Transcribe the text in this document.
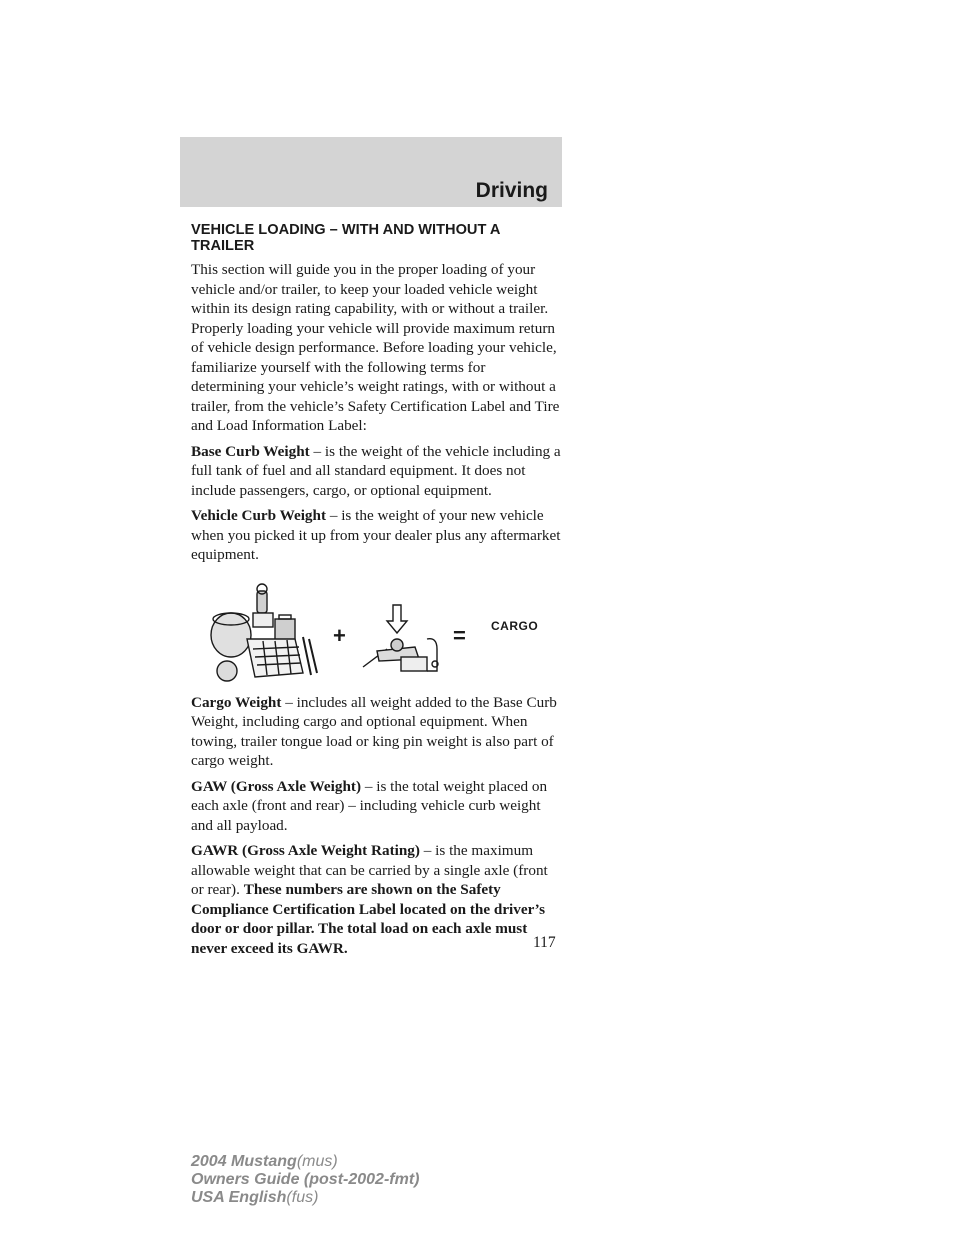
Driving
VEHICLE LOADING – WITH AND WITHOUT A TRAILER

This section will guide you in the proper loading of your vehicle and/or trailer, to keep your loaded vehicle weight within its design rating capability, with or without a trailer. Properly loading your vehicle will provide maximum return of vehicle design performance. Before loading your vehicle, familiarize yourself with the following terms for determining your vehicle’s weight ratings, with or without a trailer, from the vehicle’s Safety Certification Label and Tire and Load Information Label:

Base Curb Weight – is the weight of the vehicle including a full tank of fuel and all standard equipment. It does not include passengers, cargo, or optional equipment.

Vehicle Curb Weight – is the weight of your new vehicle when you picked it up from your dealer plus any aftermarket equipment.

+	= CARGO

Cargo Weight – includes all weight added to the Base Curb Weight, including cargo and optional equipment. When towing, trailer tongue load or king pin weight is also part of cargo weight.

GAW (Gross Axle Weight) – is the total weight placed on each axle (front and rear) – including vehicle curb weight and all payload.

GAWR (Gross Axle Weight Rating) – is the maximum allowable weight that can be carried by a single axle (front or rear). These numbers are shown on the Safety Compliance Certification Label located on the driver’s door or door pillar. The total load on each axle must never exceed its GAWR.	117
2004 Mustang(mus)
Owners Guide (post-2002-fmt)
USA English(fus)
